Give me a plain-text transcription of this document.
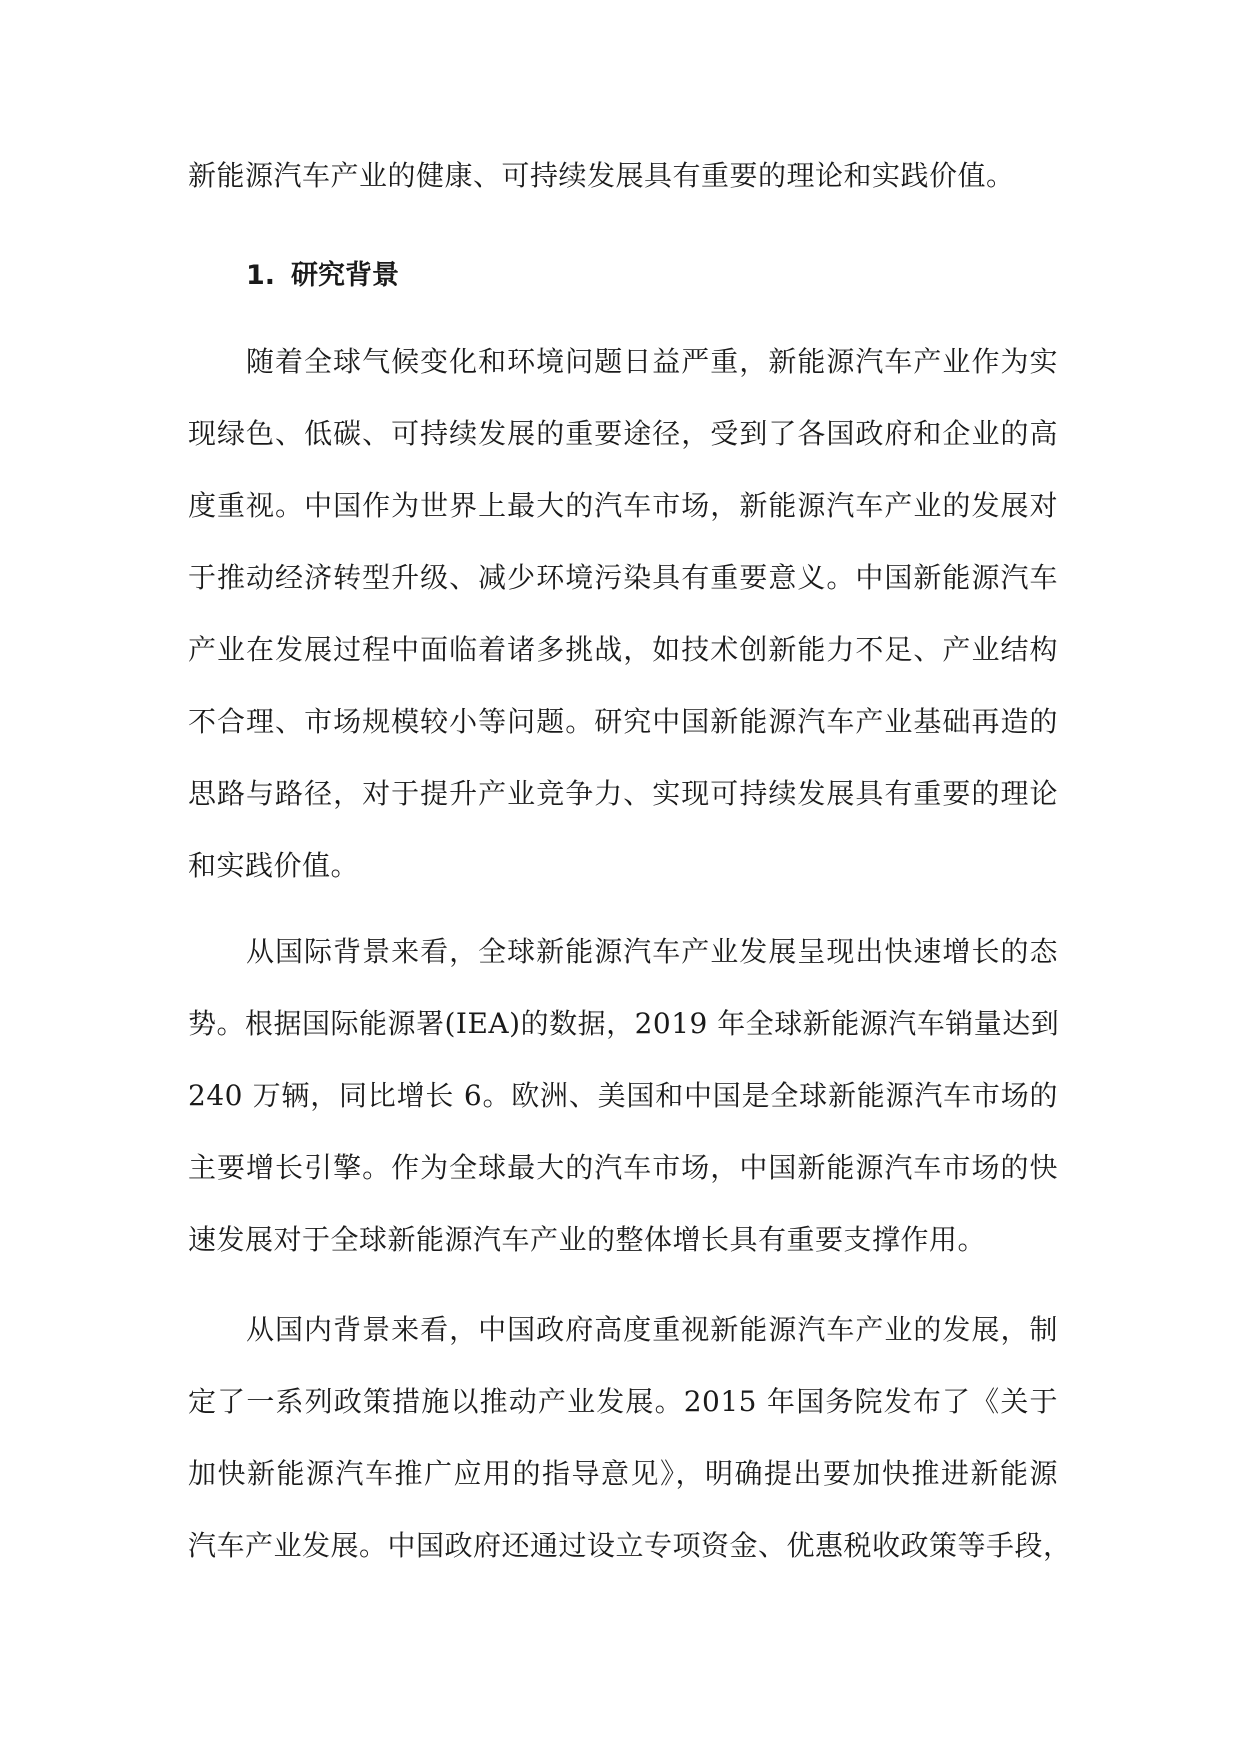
新能源汽车产业的健康、可持续发展具有重要的理论和实践价值。
1. 研究背景
随着全球气候变化和环境问题日益严重，新能源汽车产业作为实
现绿色、低碳、可持续发展的重要途径，受到了各国政府和企业的高
度重视。中国作为世界上最大的汽车市场，新能源汽车产业的发展对
于推动经济转型升级、减少环境污染具有重要意义。中国新能源汽车
产业在发展过程中面临着诸多挑战，如技术创新能力不足、产业结构
不合理、市场规模较小等问题。研究中国新能源汽车产业基础再造的
思路与路径，对于提升产业竞争力、实现可持续发展具有重要的理论
和实践价值。
从国际背景来看，全球新能源汽车产业发展呈现出快速增长的态
势。根据国际能源署(IEA)的数据，2019 年全球新能源汽车销量达到
240 万辆，同比增长 6。欧洲、美国和中国是全球新能源汽车市场的
主要增长引擎。作为全球最大的汽车市场，中国新能源汽车市场的快
速发展对于全球新能源汽车产业的整体增长具有重要支撑作用。
从国内背景来看，中国政府高度重视新能源汽车产业的发展，制
定了一系列政策措施以推动产业发展。2015 年国务院发布了《关于
加快新能源汽车推广应用的指导意见》，明确提出要加快推进新能源
汽车产业发展。中国政府还通过设立专项资金、优惠税收政策等手段，
